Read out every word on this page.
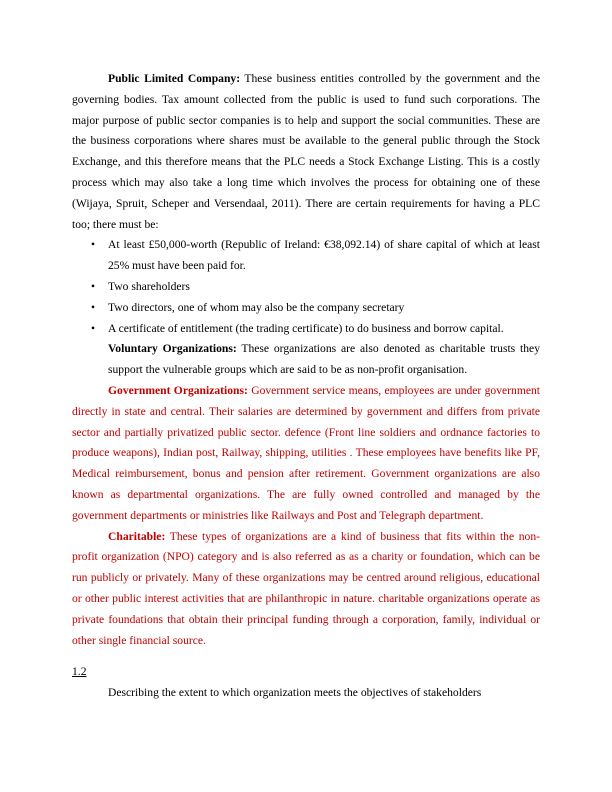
Public Limited Company: These business entities controlled by the government and the governing bodies. Tax amount collected from the public is used to fund such corporations. The major purpose of public sector companies is to help and support the social communities. These are the business corporations where shares must be available to the general public through the Stock Exchange, and this therefore means that the PLC needs a Stock Exchange Listing. This is a costly process which may also take a long time which involves the process for obtaining one of these (Wijaya, Spruit, Scheper and Versendaal, 2011). There are certain requirements for having a PLC too; there must be:

• At least £50,000-worth (Republic of Ireland: €38,092.14) of share capital of which at least 25% must have been paid for.
• Two shareholders
• Two directors, one of whom may also be the company secretary
• A certificate of entitlement (the trading certificate) to do business and borrow capital.

Voluntary Organizations: These organizations are also denoted as charitable trusts they support the vulnerable groups which are said to be as non-profit organisation.

Government Organizations: Government service means, employees are under government directly in state and central. Their salaries are determined by government and differs from private sector and partially privatized public sector. defence (Front line soldiers and ordnance factories to produce weapons), Indian post, Railway, shipping, utilities . These employees have benefits like PF, Medical reimbursement, bonus and pension after retirement. Government organizations are also known as departmental organizations. The are fully owned controlled and managed by the government departments or ministries like Railways and Post and Telegraph department.

Charitable: These types of organizations are a kind of business that fits within the non-profit organization (NPO) category and is also referred as as a charity or foundation, which can be run publicly or privately. Many of these organizations may be centred around religious, educational or other public interest activities that are philanthropic in nature. charitable organizations operate as private foundations that obtain their principal funding through a corporation, family, individual or other single financial source.

1.2
Describing the extent to which organization meets the objectives of stakeholders
